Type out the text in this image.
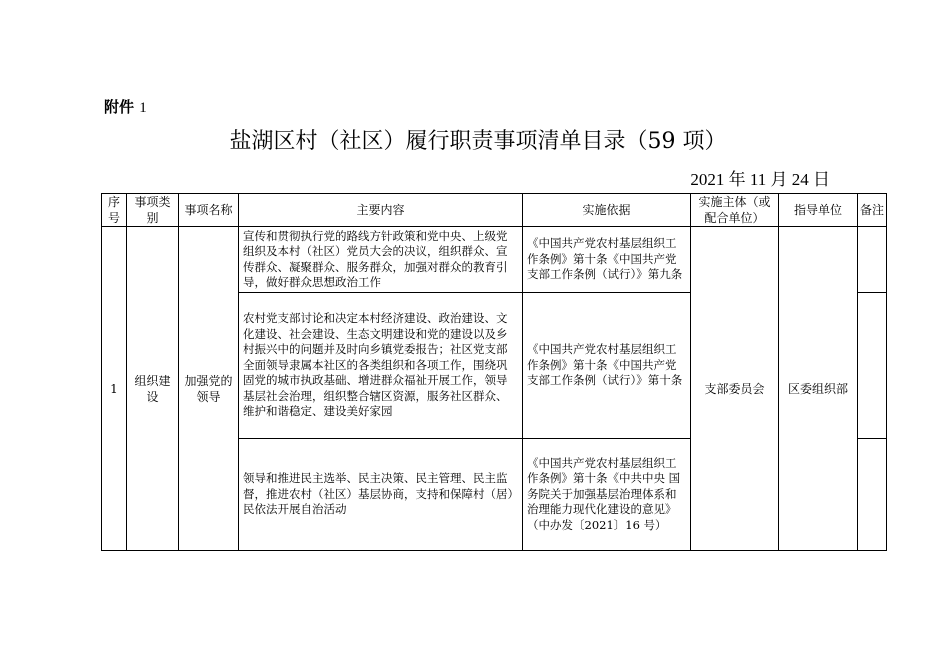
附件 1
盐湖区村（社区）履行职责事项清单目录（59 项）
2021 年 11 月 24 日
序号	事项类别	事项名称	主要内容	实施依据	实施主体（或配合单位）	指导单位	备注
1	组织建设	加强党的领导	宣传和贯彻执行党的路线方针政策和党中央、上级党组织及本村（社区）党员大会的决议，组织群众、宣传群众、凝聚群众、服务群众，加强对群众的教育引导，做好群众思想政治工作	《中国共产党农村基层组织工作条例》第十条《中国共产党支部工作条例（试行）》第九条	支部委员会	区委组织部	
			农村党支部讨论和决定本村经济建设、政治建设、文化建设、社会建设、生态文明建设和党的建设以及乡村振兴中的问题并及时向乡镇党委报告；社区党支部全面领导隶属本社区的各类组织和各项工作，围绕巩固党的城市执政基础、增进群众福祉开展工作，领导基层社会治理，组织整合辖区资源，服务社区群众、维护和谐稳定、建设美好家园	《中国共产党农村基层组织工作条例》第十条《中国共产党支部工作条例（试行）》第十条			
			领导和推进民主选举、民主决策、民主管理、民主监督，推进农村（社区）基层协商，支持和保障村（居）民依法开展自治活动	《中国共产党农村基层组织工作条例》第十条《中共中央 国务院关于加强基层治理体系和治理能力现代化建设的意见》（中办发〔2021〕16 号）			
